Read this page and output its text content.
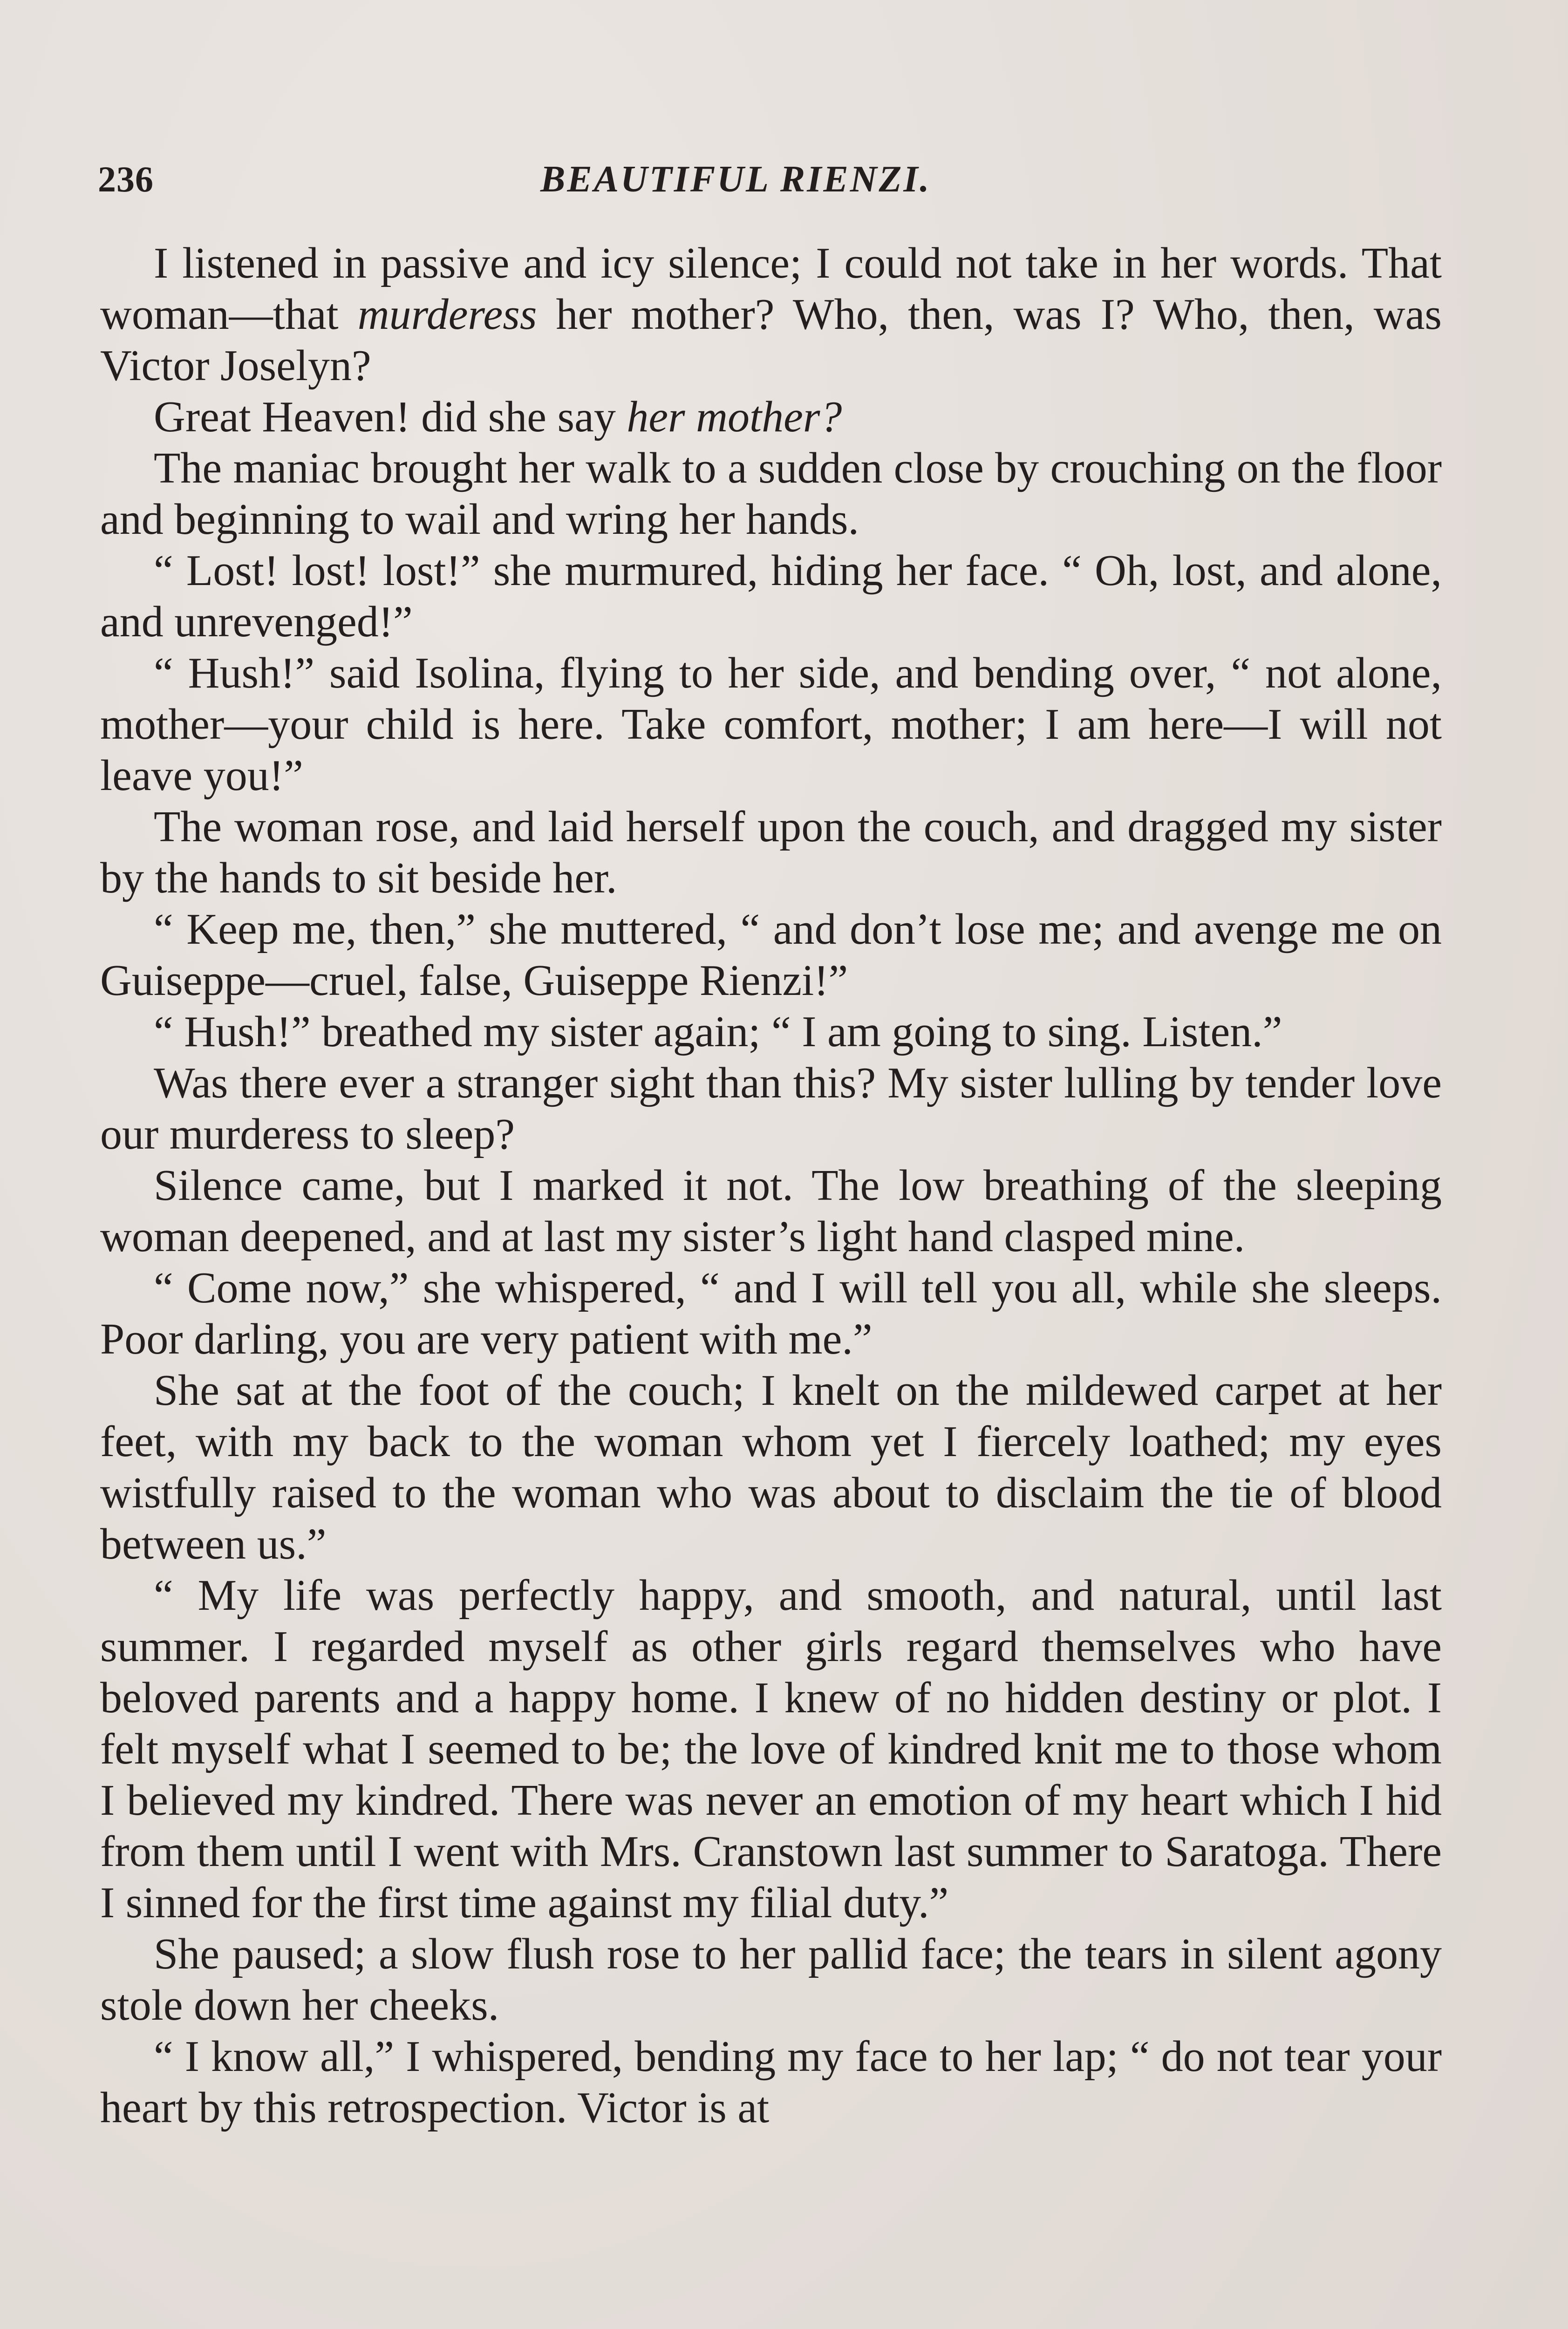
236	BEAUTIFUL RIENZI.

I listened in passive and icy silence; I could not take in her words. That woman—that murderess her mother? Who, then, was I? Who, then, was Victor Joselyn?

Great Heaven! did she say her mother?

The maniac brought her walk to a sudden close by crouching on the floor and beginning to wail and wring her hands.

“ Lost! lost! lost!” she murmured, hiding her face. “ Oh, lost, and alone, and unrevenged!”

“ Hush!” said Isolina, flying to her side, and bending over, “ not alone, mother—your child is here. Take comfort, mother; I am here—I will not leave you!”

The woman rose, and laid herself upon the couch, and dragged my sister by the hands to sit beside her.

“ Keep me, then,” she muttered, “ and don’t lose me; and avenge me on Guiseppe—cruel, false, Guiseppe Rienzi!”

“ Hush!” breathed my sister again; “ I am going to sing. Listen.”

Was there ever a stranger sight than this? My sister lulling by tender love our murderess to sleep?

Silence came, but I marked it not. The low breathing of the sleeping woman deepened, and at last my sister’s light hand clasped mine.

“ Come now,” she whispered, “ and I will tell you all, while she sleeps. Poor darling, you are very patient with me.”

She sat at the foot of the couch; I knelt on the mildewed carpet at her feet, with my back to the woman whom yet I fiercely loathed; my eyes wistfully raised to the woman who was about to disclaim the tie of blood between us.”

“ My life was perfectly happy, and smooth, and natural, until last summer. I regarded myself as other girls regard themselves who have beloved parents and a happy home. I knew of no hidden destiny or plot. I felt myself what I seemed to be; the love of kindred knit me to those whom I believed my kindred. There was never an emotion of my heart which I hid from them until I went with Mrs. Cranstown last summer to Saratoga. There I sinned for the first time against my filial duty.”

She paused; a slow flush rose to her pallid face; the tears in silent agony stole down her cheeks.

“ I know all,” I whispered, bending my face to her lap; “ do not tear your heart by this retrospection. Victor is at
